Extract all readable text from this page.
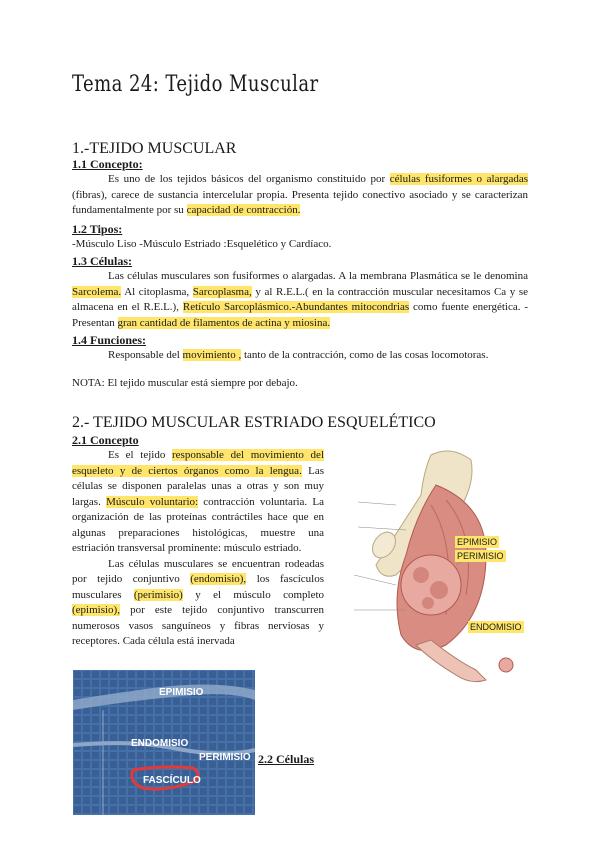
Tema 24: Tejido Muscular
1.-TEJIDO MUSCULAR
1.1 Concepto:
Es uno de los tejidos básicos del organismo constituido por células fusiformes o alargadas (fibras), carece de sustancia intercelular propia. Presenta tejido conectivo asociado y se caracterizan fundamentalmente por su capacidad de contracción.
1.2 Tipos:
-Músculo Liso -Músculo Estriado :Esquelético y Cardíaco.
1.3 Células:
Las células musculares son fusiformes o alargadas. A la membrana Plasmática se le denomina Sarcolema. Al citoplasma, Sarcoplasma, y al R.E.L.( en la contracción muscular necesitamos Ca y se almacena en el R.E.L.), Retículo Sarcoplásmico.-Abundantes mitocondrias como fuente energética. -Presentan gran cantidad de filamentos de actina y miosina.
1.4 Funciones:
Responsable del movimiento , tanto de la contracción, como de las cosas locomotoras.
NOTA: El tejido muscular está siempre por debajo.
2.- TEJIDO MUSCULAR ESTRIADO ESQUELÉTICO
2.1 Concepto
Es el tejido responsable del movimiento del esqueleto y de ciertos órganos como la lengua. Las células se disponen paralelas unas a otras y son muy largas. Músculo voluntario: contracción voluntaria. La organización de las proteínas contráctiles hace que en algunas preparaciones histológicas, muestre una estriación transversal prominente: músculo estriado.
Las células musculares se encuentran rodeadas por tejido conjuntivo (endomisio), los fascículos musculares (perimisio) y el músculo completo (epimisio), por este tejido conjuntivo transcurren numerosos vasos sanguíneos y fibras nerviosas y receptores. Cada célula está inervada
EPIMISIO
PERIMISIO
ENDOMISIO
EPIMISIO
ENDOMISIO
PERIMISIO
FASCÍCULO
2.2 Células
